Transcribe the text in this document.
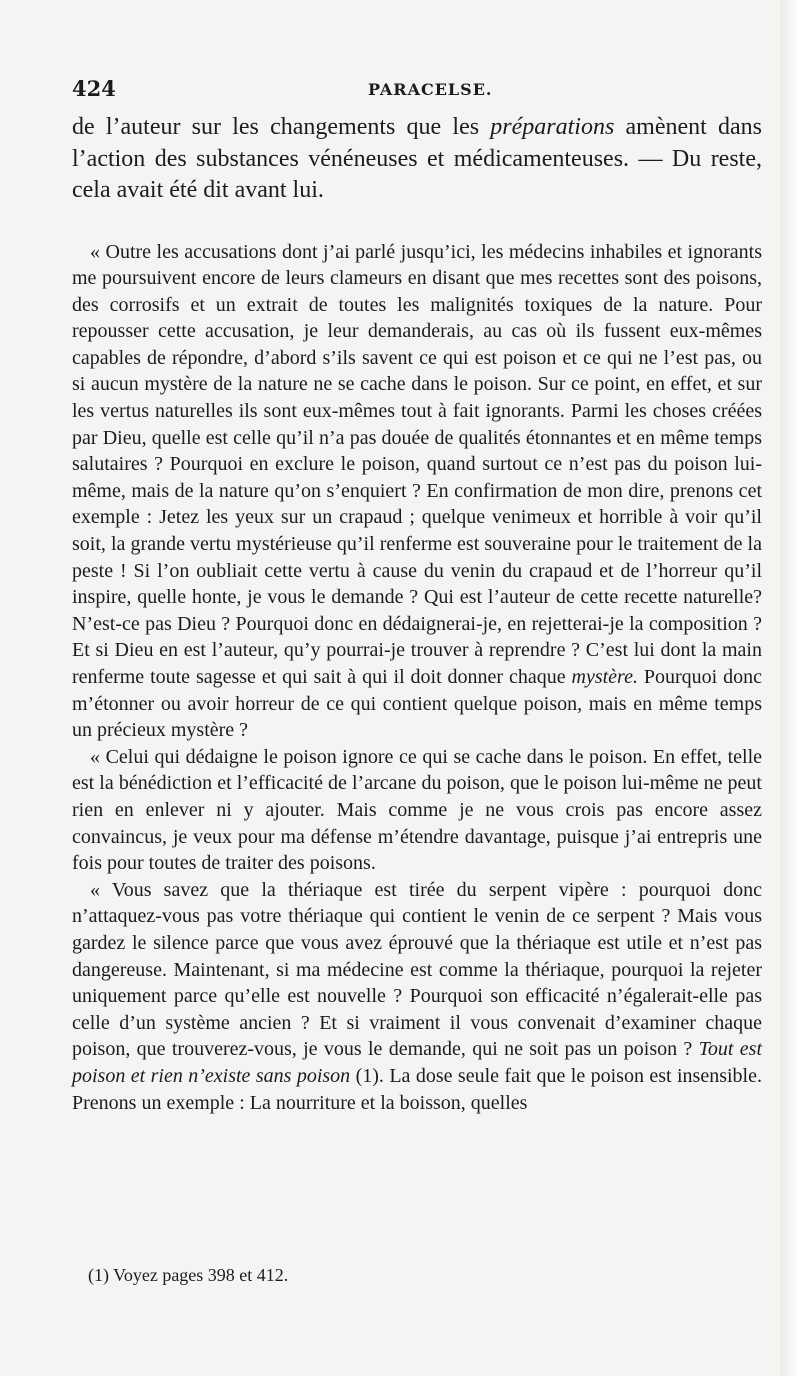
424	PARACELSE.

de l’auteur sur les changements que les préparations amènent dans l’action des substances vénéneuses et médicamenteuses. — Du reste, cela avait été dit avant lui.

« Outre les accusations dont j’ai parlé jusqu’ici, les médecins inhabiles et ignorants me poursuivent encore de leurs clameurs en disant que mes recettes sont des poisons, des corrosifs et un extrait de toutes les malignités toxiques de la nature. Pour repousser cette accusation, je leur demanderais, au cas où ils fussent eux-mêmes capables de répondre, d’abord s’ils savent ce qui est poison et ce qui ne l’est pas, ou si aucun mystère de la nature ne se cache dans le poison. Sur ce point, en effet, et sur les vertus naturelles ils sont eux-mêmes tout à fait ignorants. Parmi les choses créées par Dieu, quelle est celle qu’il n’a pas douée de qualités étonnantes et en même temps salutaires ? Pourquoi en exclure le poison, quand surtout ce n’est pas du poison lui-même, mais de la nature qu’on s’enquiert ? En confirmation de mon dire, prenons cet exemple : Jetez les yeux sur un crapaud ; quelque venimeux et horrible à voir qu’il soit, la grande vertu mystérieuse qu’il renferme est souveraine pour le traitement de la peste ! Si l’on oubliait cette vertu à cause du venin du crapaud et de l’horreur qu’il inspire, quelle honte, je vous le demande ? Qui est l’auteur de cette recette naturelle? N’est-ce pas Dieu ? Pourquoi donc en dédaignerai-je, en rejetterai-je la composition ? Et si Dieu en est l’auteur, qu’y pourrai-je trouver à reprendre ? C’est lui dont la main renferme toute sagesse et qui sait à qui il doit donner chaque mystère. Pourquoi donc m’étonner ou avoir horreur de ce qui contient quelque poison, mais en même temps un précieux mystère ?

« Celui qui dédaigne le poison ignore ce qui se cache dans le poison. En effet, telle est la bénédiction et l’efficacité de l’arcane du poison, que le poison lui-même ne peut rien en enlever ni y ajouter. Mais comme je ne vous crois pas encore assez convaincus, je veux pour ma défense m’étendre davantage, puisque j’ai entrepris une fois pour toutes de traiter des poisons.

« Vous savez que la thériaque est tirée du serpent vipère : pourquoi donc n’attaquez-vous pas votre thériaque qui contient le venin de ce serpent ? Mais vous gardez le silence parce que vous avez éprouvé que la thériaque est utile et n’est pas dangereuse. Maintenant, si ma médecine est comme la thériaque, pourquoi la rejeter uniquement parce qu’elle est nouvelle ? Pourquoi son efficacité n’égalerait-elle pas celle d’un système ancien ? Et si vraiment il vous convenait d’examiner chaque poison, que trouverez-vous, je vous le demande, qui ne soit pas un poison ? Tout est poison et rien n’existe sans poison (1). La dose seule fait que le poison est insensible. Prenons un exemple : La nourriture et la boisson, quelles

(1) Voyez pages 398 et 412.
